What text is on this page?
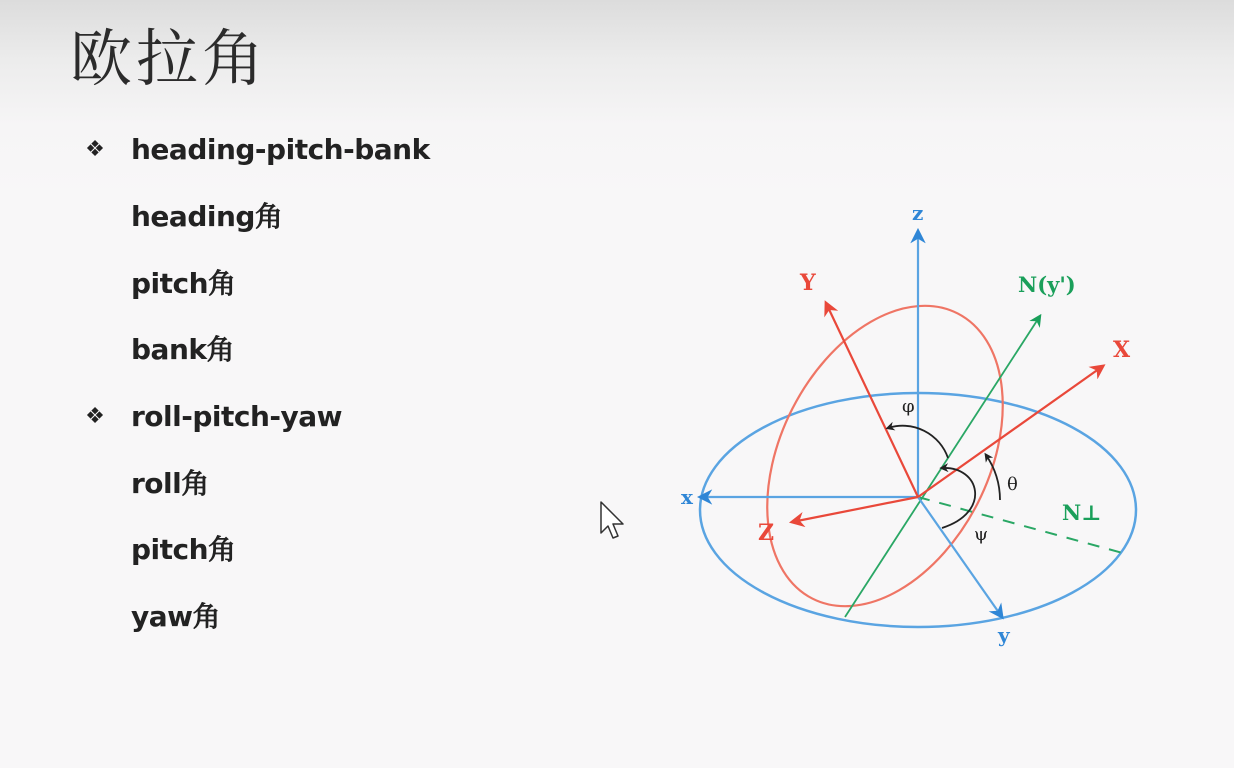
欧拉角
❖ heading-pitch-bank
heading角
pitch角
bank角
❖ roll-pitch-yaw
roll角
pitch角
yaw角
z
x
y
Y
X
Z
N(y')
N⊥
φ
θ
ψ
